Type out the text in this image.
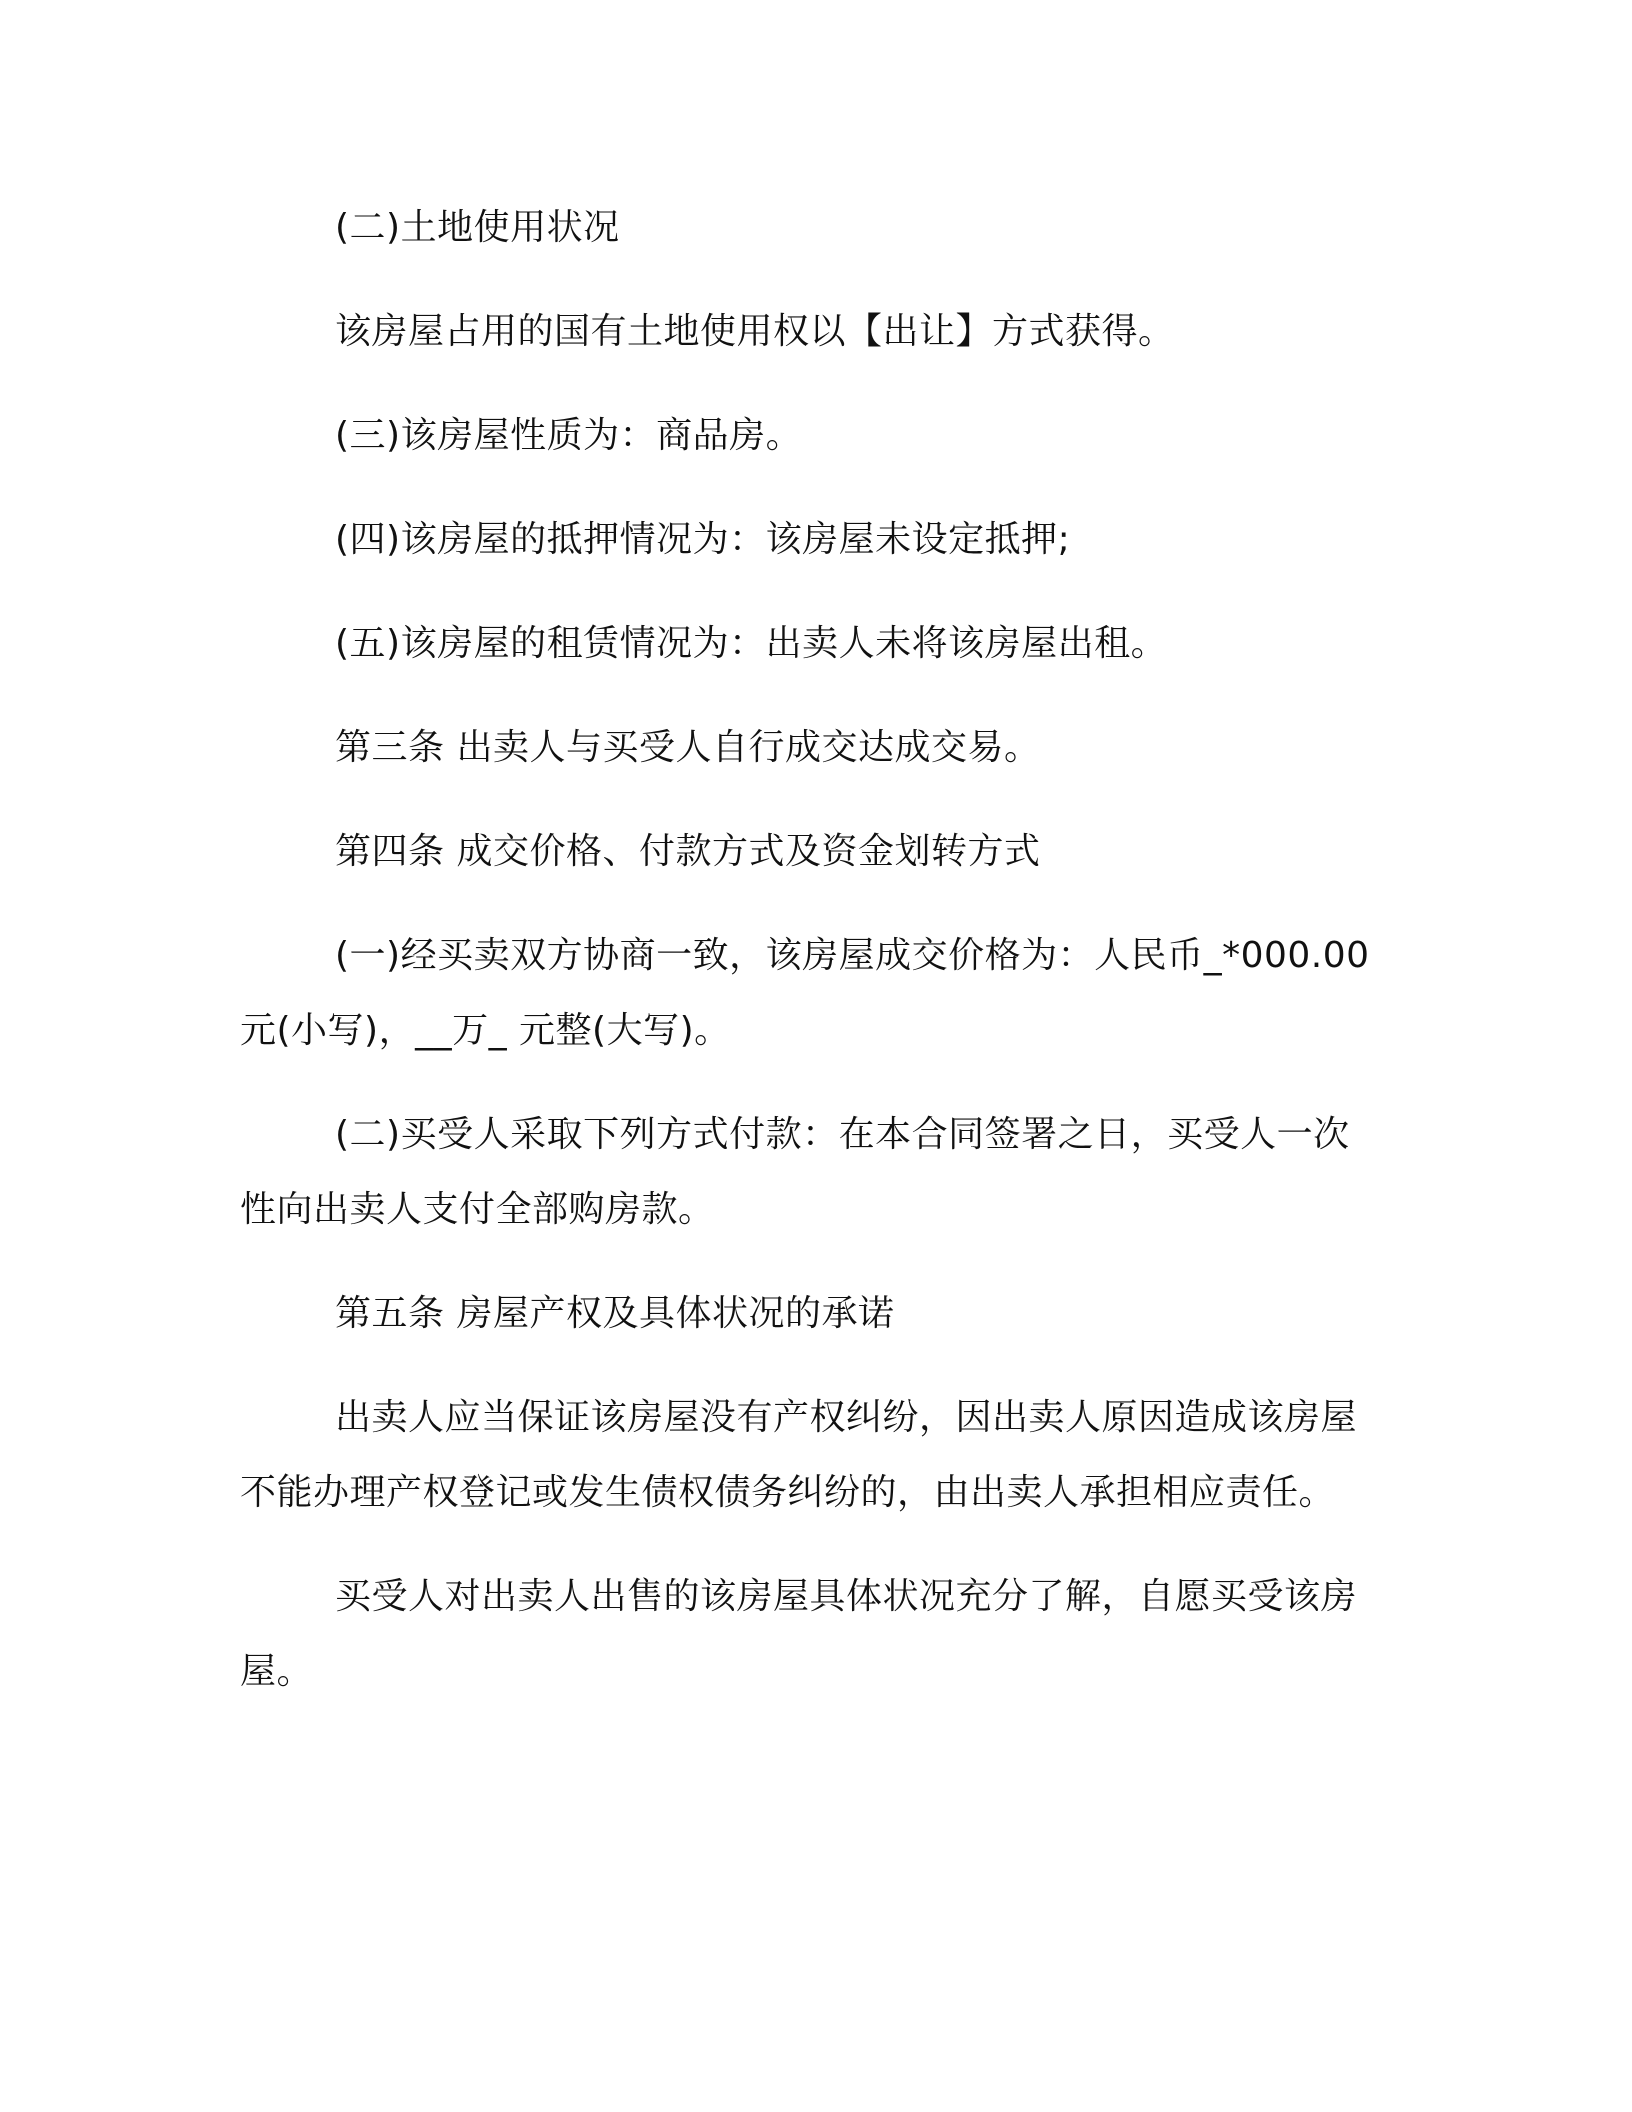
(二)土地使用状况

该房屋占用的国有土地使用权以【出让】方式获得。

(三)该房屋性质为：商品房。

(四)该房屋的抵押情况为：该房屋未设定抵押;

(五)该房屋的租赁情况为：出卖人未将该房屋出租。

第三条 出卖人与买受人自行成交达成交易。

第四条 成交价格、付款方式及资金划转方式

(一)经买卖双方协商一致，该房屋成交价格为：人民币_*000.00元(小写)，__万_ 元整(大写)。

(二)买受人采取下列方式付款：在本合同签署之日，买受人一次性向出卖人支付全部购房款。

第五条 房屋产权及具体状况的承诺

出卖人应当保证该房屋没有产权纠纷，因出卖人原因造成该房屋不能办理产权登记或发生债权债务纠纷的，由出卖人承担相应责任。

买受人对出卖人出售的该房屋具体状况充分了解，自愿买受该房屋。
